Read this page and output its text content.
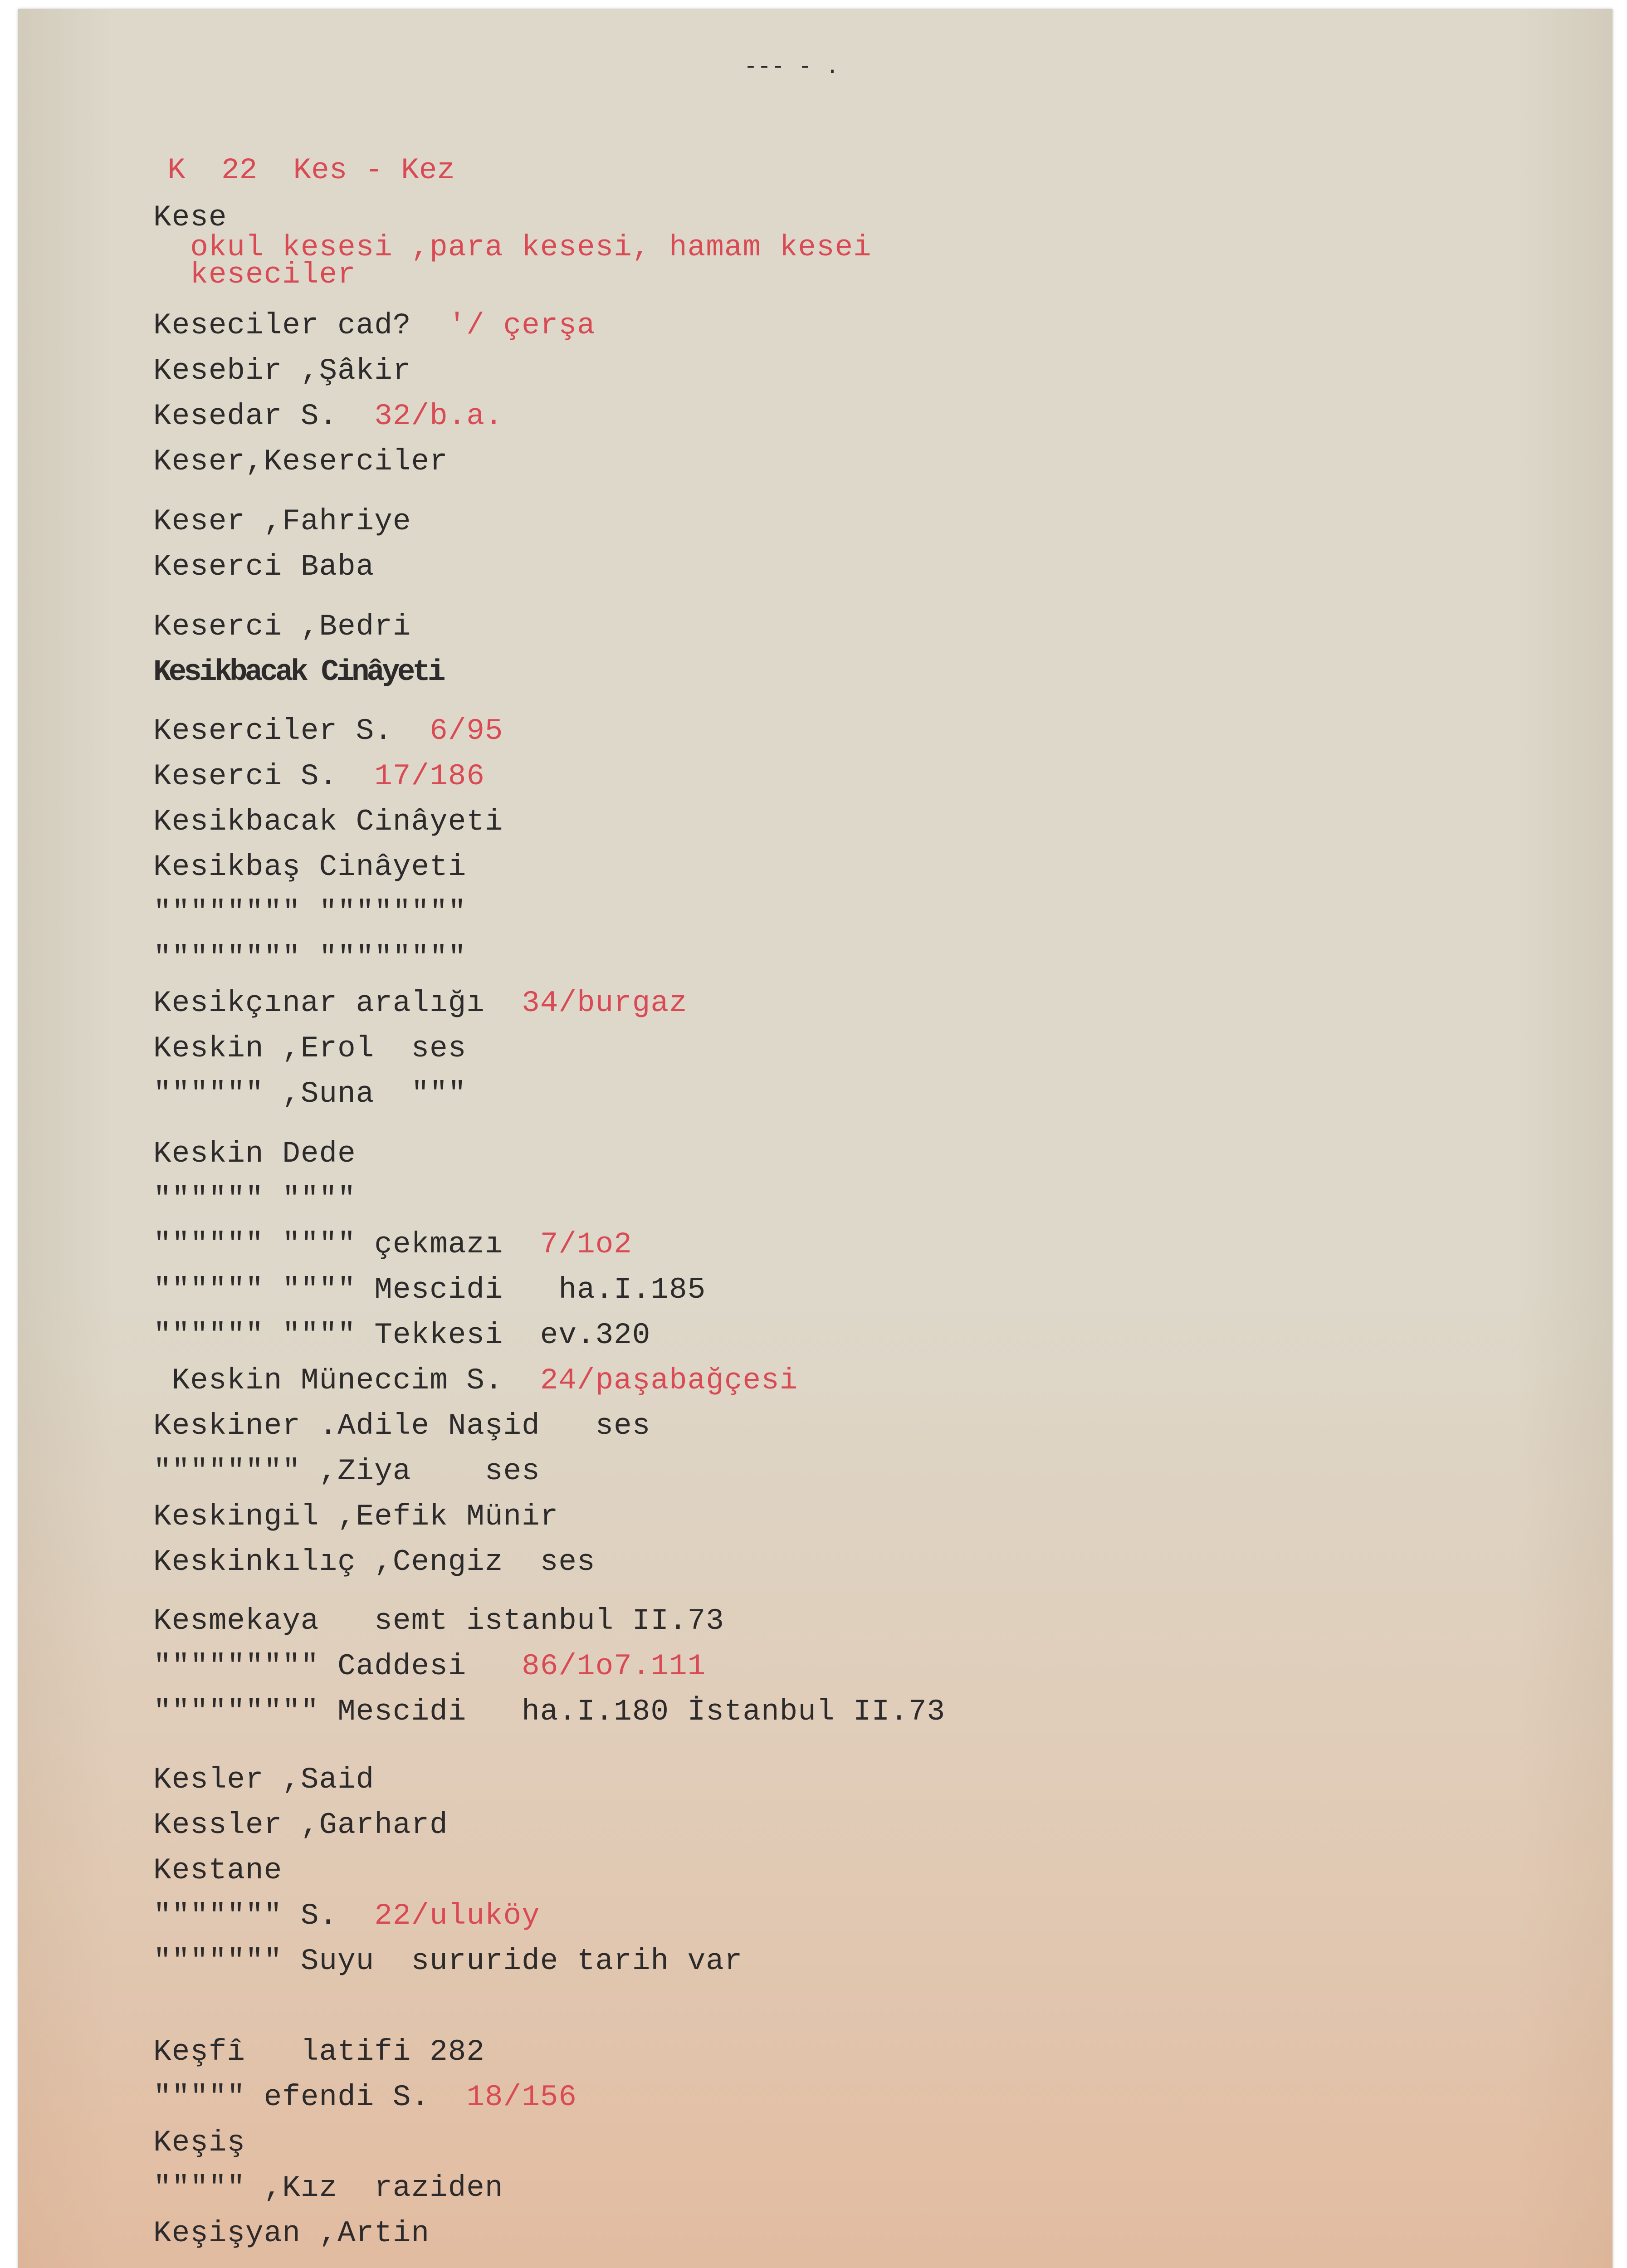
--- - .

K 22 Kes - Kez

Kese

okul kesesi ,para kesesi, hamam kesei

keseciler

Keseciler cad?  '/ çerşa

Kesebir ,Şâkir

Kesedar S.  32/b.a.

Keser,Keserciler

Keser ,Fahriye

Keserci Baba

Keserci ,Bedri

Kesikbacak Cinâyeti

Keserciler S.  6/95

Keserci S.  17/186

Kesikbacak Cinâyeti

Kesikbaş Cinâyeti

"""""""" """"""""

"""""""" """"""""

Kesikçınar aralığı  34/burgaz

Keskin ,Erol  ses

"""""" ,Suna  """

Keskin Dede

"""""" """"

"""""" """" çekmazı  7/1o2

"""""" """" Mescidi   ha.I.185

"""""" """" Tekkesi  ev.320

Keskin Müneccim S.  24/paşabağçesi

Keskiner .Adile Naşid   ses

"""""""" ,Ziya    ses

Keskingil ,Eefik Münir

Keskinkılıç ,Cengiz  ses

Kesmekaya   semt istanbul II.73

""""""""" Caddesi   86/1o7.111

""""""""" Mescidi   ha.I.180 İstanbul II.73

Kesler ,Said

Kessler ,Garhard

Kestane

""""""" S.  22/uluköy

""""""" Suyu  sururide tarih var

Keşfî   latifi 282

""""" efendi S.  18/156

Keşiş

""""" ,Kız  raziden

Keşişyan ,Artin
